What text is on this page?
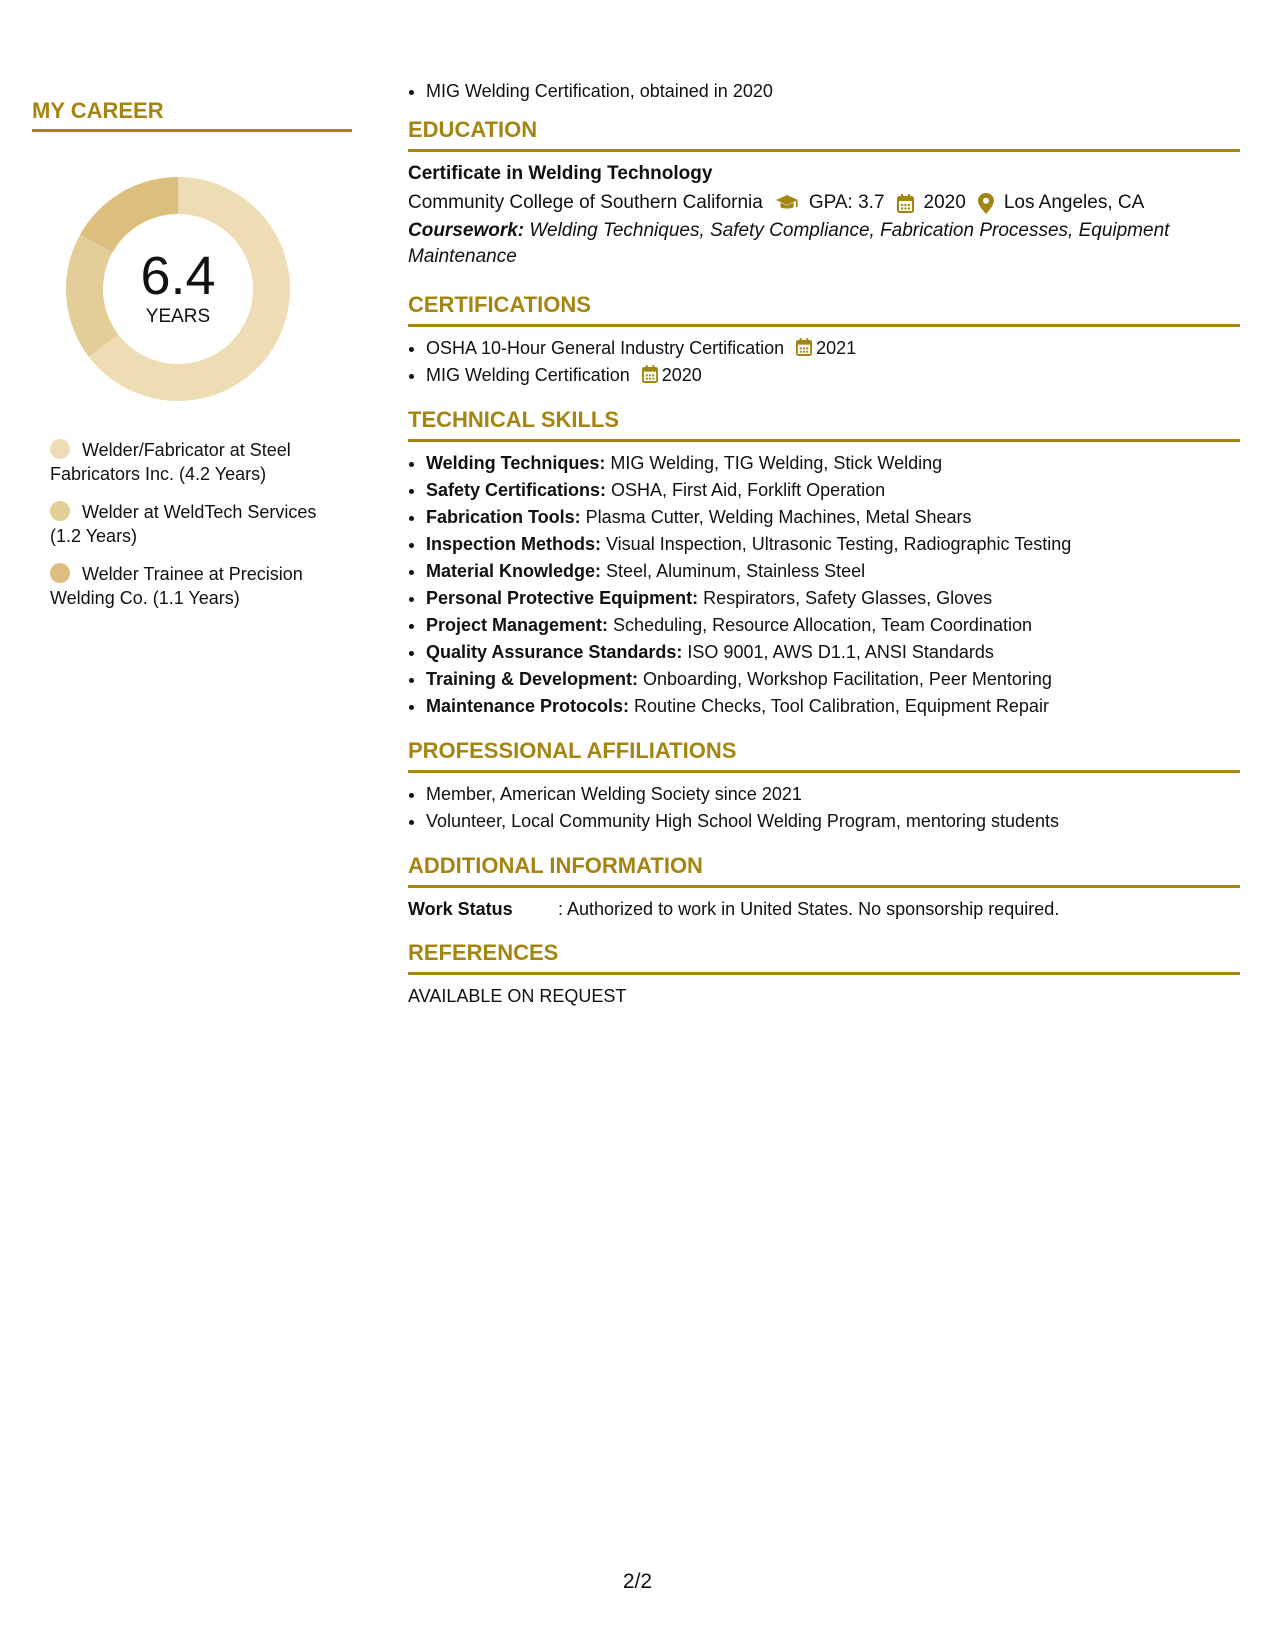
MY CAREER
6.4
YEARS
Welder/Fabricator at Steel Fabricators Inc. (4.2 Years)
Welder at WeldTech Services (1.2 Years)
Welder Trainee at Precision Welding Co. (1.1 Years)
• MIG Welding Certification, obtained in 2020
EDUCATION
Certificate in Welding Technology
Community College of Southern California GPA: 3.7 2020 Los Angeles, CA
Coursework: Welding Techniques, Safety Compliance, Fabrication Processes, Equipment Maintenance
CERTIFICATIONS
• OSHA 10-Hour General Industry Certification 2021
• MIG Welding Certification 2020
TECHNICAL SKILLS
• Welding Techniques: MIG Welding, TIG Welding, Stick Welding
• Safety Certifications: OSHA, First Aid, Forklift Operation
• Fabrication Tools: Plasma Cutter, Welding Machines, Metal Shears
• Inspection Methods: Visual Inspection, Ultrasonic Testing, Radiographic Testing
• Material Knowledge: Steel, Aluminum, Stainless Steel
• Personal Protective Equipment: Respirators, Safety Glasses, Gloves
• Project Management: Scheduling, Resource Allocation, Team Coordination
• Quality Assurance Standards: ISO 9001, AWS D1.1, ANSI Standards
• Training & Development: Onboarding, Workshop Facilitation, Peer Mentoring
• Maintenance Protocols: Routine Checks, Tool Calibration, Equipment Repair
PROFESSIONAL AFFILIATIONS
• Member, American Welding Society since 2021
• Volunteer, Local Community High School Welding Program, mentoring students
ADDITIONAL INFORMATION
Work Status	: Authorized to work in United States. No sponsorship required.
REFERENCES
AVAILABLE ON REQUEST
2/2
